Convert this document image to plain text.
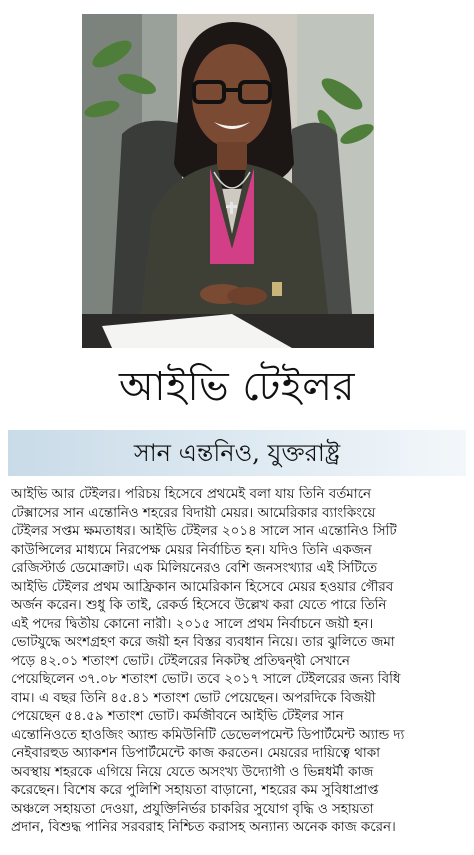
আইভি টেইলর
সান এন্তনিও, যুক্তরাষ্ট্র
আইভি আর টেইলর। পরিচয় হিসেবে প্রথমেই বলা যায় তিনি বর্তমানে
টেক্সাসের সান এন্তোনিও শহরের বিদায়ী মেয়র। আমেরিকার ব্যাংকিংয়ে
টেইলর সপ্তম ক্ষমতাধর। আইভি টেইলর ২০১৪ সালে সান এন্তোনিও সিটি
কাউন্সিলের মাধ্যমে নিরপেক্ষ মেয়র নির্বাচিত হন। যদিও তিনি একজন
রেজিস্টার্ড ডেমোক্রাট। এক মিলিয়নেরও বেশি জনসংখ্যার এই সিটিতে
আইভি টেইলর প্রথম আফ্রিকান আমেরিকান হিসেবে মেয়র হওয়ার গৌরব
অর্জন করেন। শুধু কি তাই, রেকর্ড হিসেবে উল্লেখ করা যেতে পারে তিনি
এই পদের দ্বিতীয় কোনো নারী। ২০১৫ সালে প্রথম নির্বাচনে জয়ী হন।
ভোটযুদ্ধে অংশগ্রহণ করে জয়ী হন বিস্তর ব্যবধান নিয়ে। তার ঝুলিতে জমা
পড়ে ৪২.০১ শতাংশ ভোট। টেইলরের নিকটস্থ প্রতিদ্বন্দ্বী সেখানে
পেয়েছিলেন ৩৭.০৮ শতাংশ ভোট। তবে ২০১৭ সালে টেইলরের জন্য বিধি
বাম। এ বছর তিনি ৪৫.৪১ শতাংশ ভোট পেয়েছেন। অপরদিকে বিজয়ী
পেয়েছেন ৫৪.৫৯ শতাংশ ভোট। কর্মজীবনে আইভি টেইলর সান
এন্তোনিওতে হাওজিং অ্যান্ড কমিউনিটি ডেভেলপমেন্ট ডিপার্টমেন্ট অ্যান্ড দ্য
নেইবারহুড অ্যাকশন ডিপার্টমেন্টে কাজ করতেন। মেয়রের দায়িত্বে থাকা
অবস্থায় শহরকে এগিয়ে নিয়ে যেতে অসংখ্য উদ্যোগী ও ভিন্নধর্মী কাজ
করেছেন। বিশেষ করে পুলিশি সহায়তা বাড়ানো, শহরের কম সুবিধাপ্রাপ্ত
অঞ্চলে সহায়তা দেওয়া, প্রযুক্তিনির্ভর চাকরির সুযোগ বৃদ্ধি ও সহায়তা
প্রদান, বিশুদ্ধ পানির সরবরাহ নিশ্চিত করাসহ অন্যান্য অনেক কাজ করেন।
